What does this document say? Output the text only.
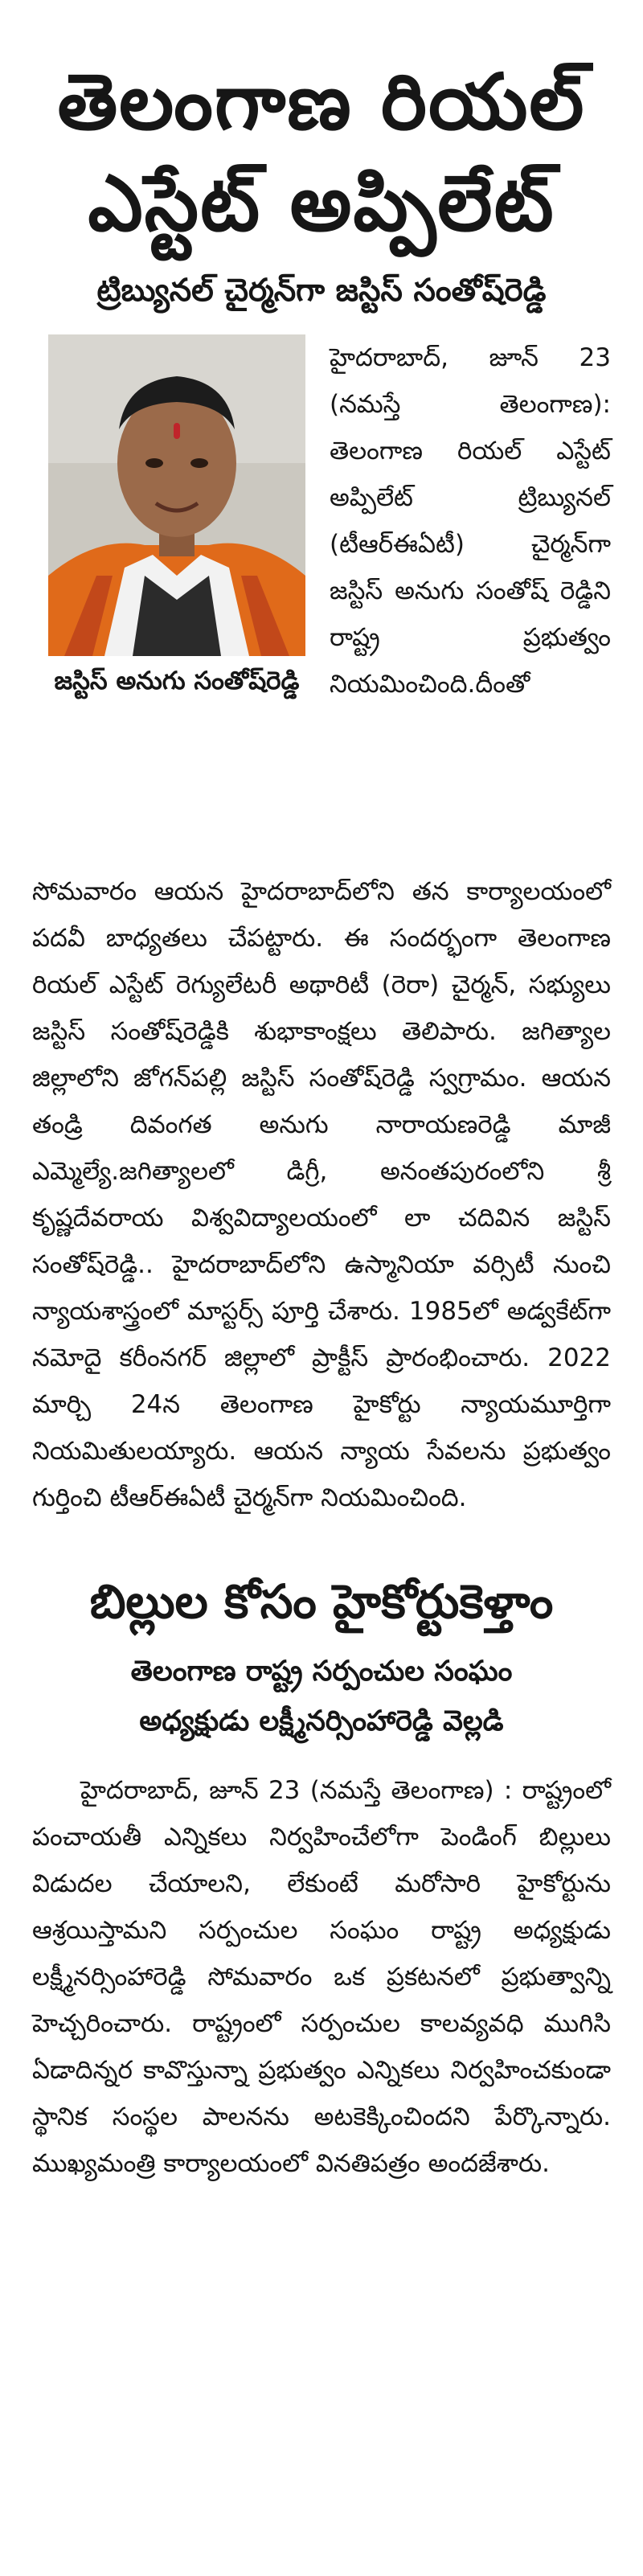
తెలంగాణ రియల్ ఎస్టేట్ అప్పిలేట్
ట్రిబ్యునల్ చైర్మన్‌గా జస్టిస్ సంతోష్‌రెడ్డి
జస్టిస్ అనుగు సంతోష్‌రెడ్డి

హైదరాబాద్, జూన్ 23 (నమస్తే తెలంగాణ): తెలంగాణ రియల్ ఎస్టేట్ అప్పిలేట్ ట్రిబ్యునల్ (టీఆర్‌ఈఏటీ) చైర్మన్‌గా జస్టిస్ అనుగు సంతోష్ రెడ్డిని రాష్ట్ర ప్రభుత్వం నియమించింది.దీంతో

సోమవారం ఆయన హైదరాబాద్‌లోని తన కార్యాలయంలో పదవీ బాధ్యతలు చేపట్టారు. ఈ సందర్భంగా తెలంగాణ రియల్ ఎస్టేట్ రెగ్యులేటరీ అథారిటీ (రెరా) చైర్మన్, సభ్యులు జస్టిస్ సంతోష్‌రెడ్డికి శుభాకాంక్షలు తెలిపారు. జగిత్యాల జిల్లాలోని జోగన్‌పల్లి జస్టిస్ సంతోష్‌రెడ్డి స్వగ్రామం. ఆయన తండ్రి దివంగత అనుగు నారాయణరెడ్డి మాజీ ఎమ్మెల్యే.జగిత్యాలలో డిగ్రీ, అనంతపురంలోని శ్రీ కృష్ణదేవరాయ విశ్వవిద్యాలయంలో లా చదివిన జస్టిస్ సంతోష్‌రెడ్డి.. హైదరాబాద్‌లోని ఉస్మానియా వర్సిటీ నుంచి న్యాయశాస్త్రంలో మాస్టర్స్ పూర్తి చేశారు. 1985లో అడ్వకేట్‌గా నమోదై కరీంనగర్ జిల్లాలో ప్రాక్టీస్ ప్రారంభించారు. 2022 మార్చి 24న తెలంగాణ హైకోర్టు న్యాయమూర్తిగా నియమితులయ్యారు. ఆయన న్యాయ సేవలను ప్రభుత్వం గుర్తించి టీఆర్‌ఈఏటీ చైర్మన్‌గా నియమించింది.

బిల్లుల కోసం హైకోర్టుకెళ్తాం
తెలంగాణ రాష్ట్ర సర్పంచుల సంఘం
అధ్యక్షుడు లక్ష్మీనర్సింహారెడ్డి వెల్లడి

హైదరాబాద్, జూన్ 23 (నమస్తే తెలంగాణ) : రాష్ట్రంలో పంచాయతీ ఎన్నికలు నిర్వహించేలోగా పెండింగ్ బిల్లులు విడుదల చేయాలని, లేకుంటే మరోసారి హైకోర్టును ఆశ్రయిస్తామని సర్పంచుల సంఘం రాష్ట్ర అధ్యక్షుడు లక్ష్మీనర్సింహారెడ్డి సోమవారం ఒక ప్రకటనలో ప్రభుత్వాన్ని హెచ్చరించారు. రాష్ట్రంలో సర్పంచుల కాలవ్యవధి ముగిసి ఏడాదిన్నర కావొస్తున్నా ప్రభుత్వం ఎన్నికలు నిర్వహించకుండా స్థానిక సంస్థల పాలనను అటకెక్కించిందని పేర్కొన్నారు. ముఖ్యమంత్రి కార్యాలయంలో వినతిపత్రం అందజేశారు.
